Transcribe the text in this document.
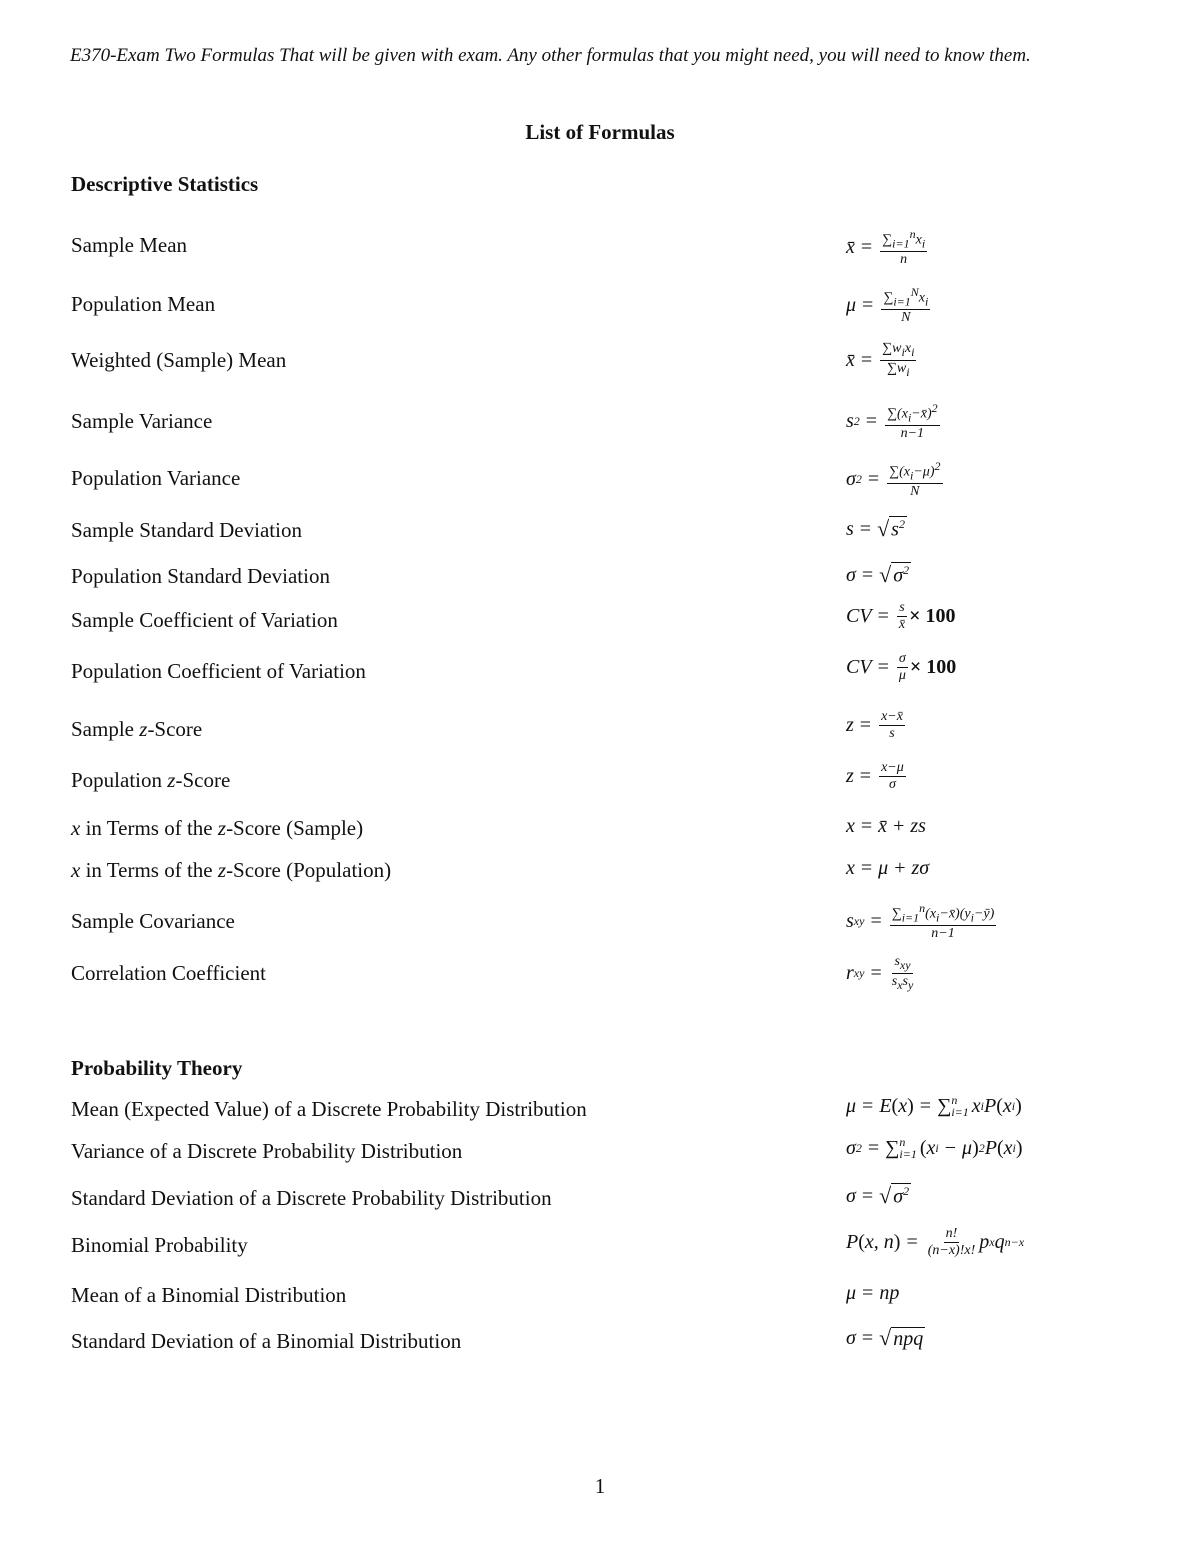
E370-Exam Two Formulas That will be given with exam. Any other formulas that you might need, you will need to know them.
List of Formulas
Descriptive Statistics
Sample Mean
Population Mean
Weighted (Sample) Mean
Sample Variance
Population Variance
Sample Standard Deviation
Population Standard Deviation
Sample Coefficient of Variation
Population Coefficient of Variation
Sample z-Score
Population z-Score
x in Terms of the z-Score (Sample)
x in Terms of the z-Score (Population)
Sample Covariance
Correlation Coefficient
x̄ = $\frac{\sum_{i=1}^nx_i}{n}$
$\mu = \frac{\sum_{i=1}^Nx_i}{N}$
x̄ = $\frac{\sum w_ix_i}{\sum w_i}$
s $2 = \frac{\sum(x_i-x̄)^2}{n-1}$
σ $2 = \frac{\sum(x_i-\mu)^2}{N}$
s = √ $s^2$
σ = √ $\sigma^2$
CV = $\frac{s}{x̄} \times 100$
CV = $\frac{\sigma}{\mu} \times 100$
$z = \frac{x-x̄}{s}$
$z = \frac{x-\mu}{\sigma}$
x = x̄ + zs
x = μ + zσ
s xy = $\frac{\sum_{i=1}^n(x_i-x̄)(y_i-ȳ)}{n-1}$
r xy = $\frac{s_{xy}}{s_xs_y}$
Probability Theory
Mean (Expected Value) of a Discrete Probability Distribution
Variance of a Discrete Probability Distribution
Standard Deviation of a Discrete Probability Distribution
Binomial Probability
Mean of a Binomial Distribution
Standard Deviation of a Binomial Distribution
μ = E ( x ) = ∑ n
i=1 x i P ( x i )
σ 2 = ∑ n
i=1 ( x i − μ ) 2 P ( x i )
σ = √ $\sigma^2$
P ( x, n ) = $\frac{n!}{(n-x)!x!}$ p x q n−x
μ = np
σ = √ npq
1
